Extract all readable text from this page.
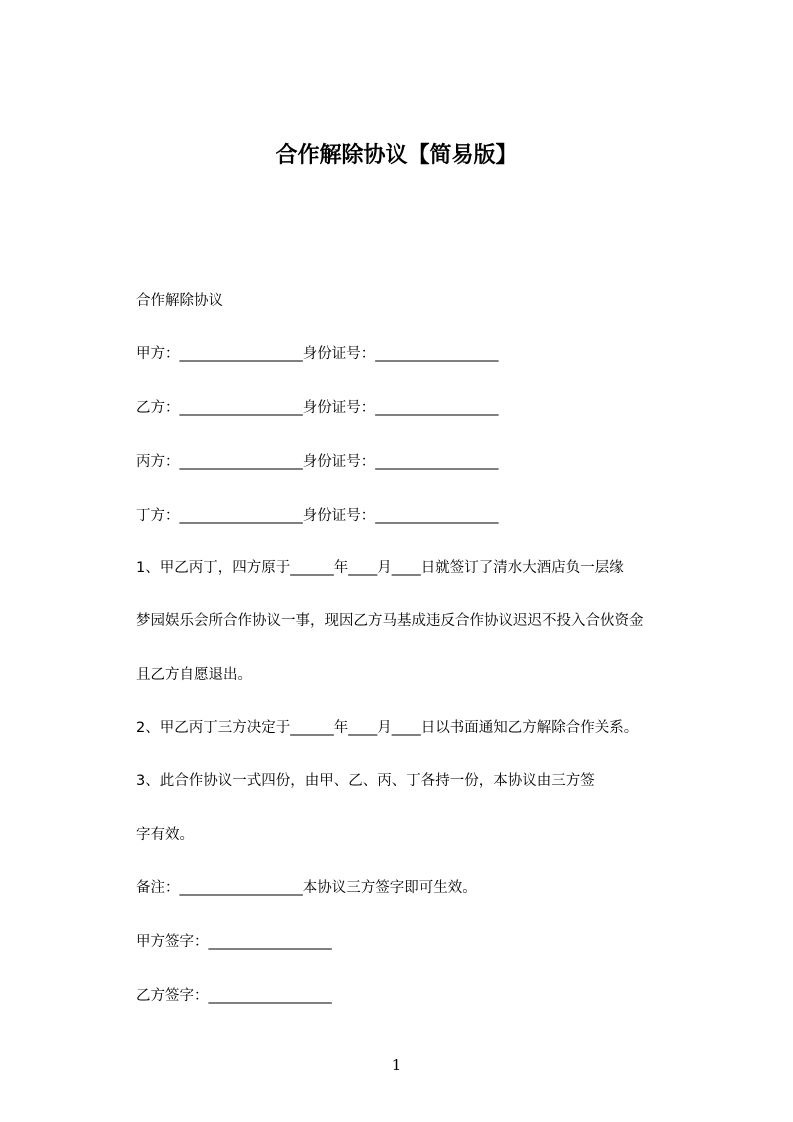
合作解除协议【简易版】
合作解除协议
甲方：_________________身份证号：_________________
乙方：_________________身份证号：_________________
丙方：_________________身份证号：_________________
丁方：_________________身份证号：_________________
1、甲乙丙丁，四方原于______年____月____日就签订了清水大酒店负一层缘
梦园娱乐会所合作协议一事，现因乙方马基成违反合作协议迟迟不投入合伙资金
且乙方自愿退出。
2、甲乙丙丁三方决定于______年____月____日以书面通知乙方解除合作关系。
3、此合作协议一式四份，由甲、乙、丙、丁各持一份，本协议由三方签
字有效。
备注：_________________本协议三方签字即可生效。
甲方签字：_________________
乙方签字：_________________
1
